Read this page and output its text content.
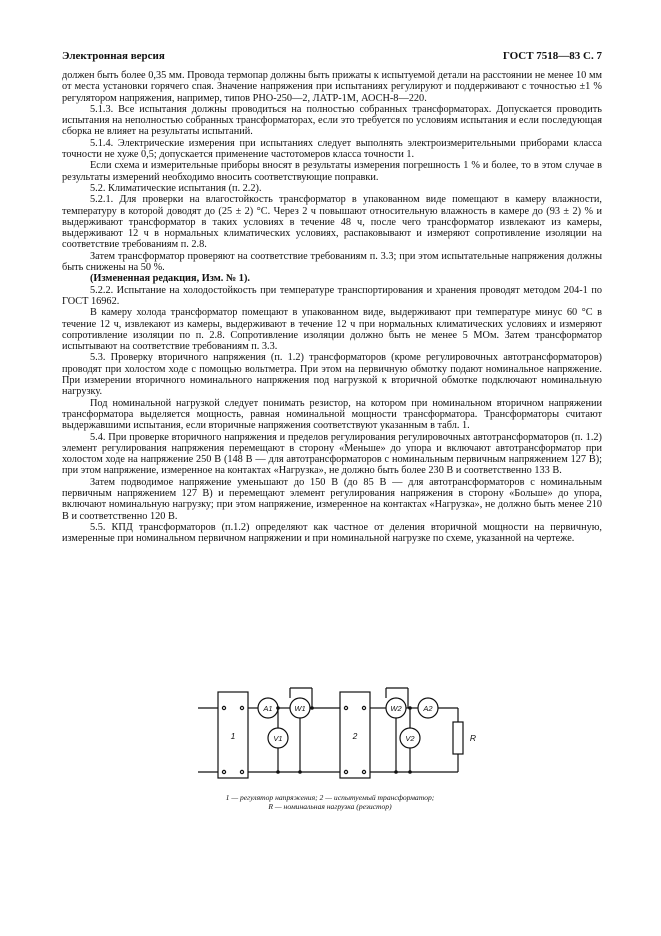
Электронная версия	ГОСТ 7518—83 С. 7

должен быть более 0,35 мм. Провода термопар должны быть прижаты к испытуемой детали на расстоянии не менее 10 мм от места установки горячего спая. Значение напряжения при испытаниях регулируют и поддерживают с точностью ±1 % регулятором напряжения, например, типов РНО-250—2, ЛАТР-1М, АОСН-8—220.

5.1.3. Все испытания должны проводиться на полностью собранных трансформаторах. Допускается проводить испытания на неполностью собранных трансформаторах, если это требуется по условиям испытания и если последующая сборка не влияет на результаты испытаний.

5.1.4. Электрические измерения при испытаниях следует выполнять электроизмерительными приборами класса точности не хуже 0,5; допускается применение частотомеров класса точности 1.

Если схема и измерительные приборы вносят в результаты измерения погрешность 1 % и более, то в этом случае в результаты измерений необходимо вносить соответствующие поправки.

5.2. Климатические испытания (п. 2.2).

5.2.1. Для проверки на влагостойкость трансформатор в упакованном виде помещают в камеру влажности, температуру в которой доводят до (25 ± 2) °С. Через 2 ч повышают относительную влажность в камере до (93 ± 2) % и выдерживают трансформатор в таких условиях в течение 48 ч, после чего трансформатор извлекают из камеры, выдерживают 12 ч в нормальных климатических условиях, распаковывают и измеряют сопротивление изоляции на соответствие требованиям п. 2.8.

Затем трансформатор проверяют на соответствие требованиям п. 3.3; при этом испытательные напряжения должны быть снижены на 50 %.

(Измененная редакция, Изм. № 1).

5.2.2. Испытание на холодостойкость при температуре транспортирования и хранения проводят методом 204-1 по ГОСТ 16962.

В камеру холода трансформатор помещают в упакованном виде, выдерживают при температуре минус 60 °С в течение 12 ч, извлекают из камеры, выдерживают в течение 12 ч при нормальных климатических условиях и измеряют сопротивление изоляции по п. 2.8. Сопротивление изоляции должно быть не менее 5 МОм. Затем трансформатор испытывают на соответствие требованиям п. 3.3.

5.3. Проверку вторичного напряжения (п. 1.2) трансформаторов (кроме регулировочных автотрансформаторов) проводят при холостом ходе с помощью вольтметра. При этом на первичную обмотку подают номинальное напряжение. При измерении вторичного номинального напряжения под нагрузкой к вторичной обмотке подключают номинальную нагрузку.

Под номинальной нагрузкой следует понимать резистор, на котором при номинальном вторичном напряжении трансформатора выделяется мощность, равная номинальной мощности трансформатора. Трансформаторы считают выдержавшими испытания, если вторичные напряжения соответствуют указанным в табл. 1.

5.4. При проверке вторичного напряжения и пределов регулирования регулировочных автотрансформаторов (п. 1.2) элемент регулирования напряжения перемещают в сторону «Меньше» до упора и включают автотрансформатор при холостом ходе на напряжение 250 В (148 В — для автотрансформаторов с номинальным первичным напряжением 127 В); при этом напряжение, измеренное на контактах «Нагрузка», не должно быть более 230 В и соответственно 133 В.

Затем подводимое напряжение уменьшают до 150 В (до 85 В — для автотрансформаторов с номинальным первичным напряжением 127 В) и перемещают элемент регулирования напряжения в сторону «Больше» до упора, включают номинальную нагрузку; при этом напряжение, измеренное на контактах «Нагрузка», не должно быть менее 210 В и соответственно 120 В.

5.5. КПД трансформаторов (п.1.2) определяют как частное от деления вторичной мощности на первичную, измеренные при номинальном первичном напряжении и при номинальной нагрузке по схеме, указанной на чертеже.

1	2
A1	W1
V1
W2	A2
V2	R
1 — регулятор напряжения; 2 — испытуемый трансформатор;
R — номинальная нагрузка (резистор)
